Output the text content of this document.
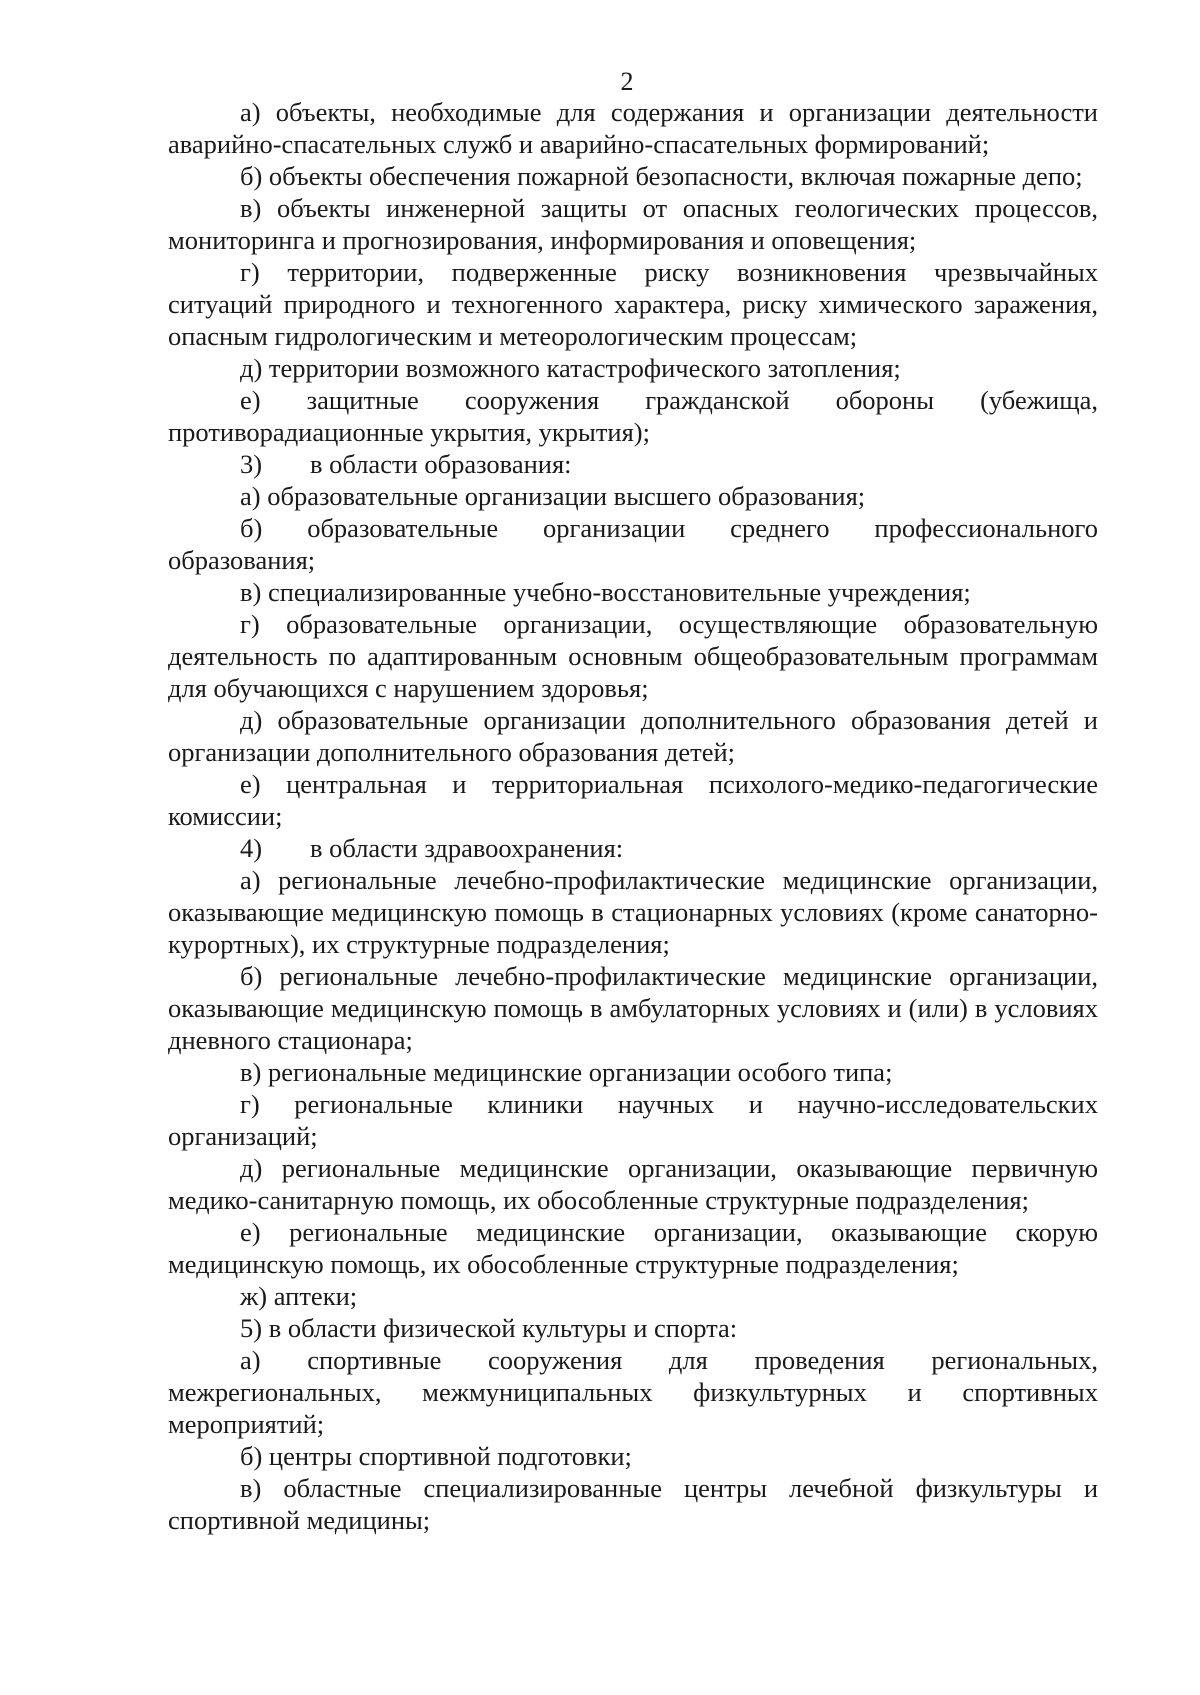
2

а) объекты, необходимые для содержания и организации деятельности аварийно-спасательных служб и аварийно-спасательных формирований;

б) объекты обеспечения пожарной безопасности, включая пожарные депо;

в) объекты инженерной защиты от опасных геологических процессов, мониторинга и прогнозирования, информирования и оповещения;

г) территории, подверженные риску возникновения чрезвычайных ситуаций природного и техногенного характера, риску химического заражения, опасным гидрологическим и метеорологическим процессам;

д) территории возможного катастрофического затопления;

е) защитные сооружения гражданской обороны (убежища, противорадиационные укрытия, укрытия);

3) в области образования:

а) образовательные организации высшего образования;

б) образовательные организации среднего профессионального образования;

в) специализированные учебно-восстановительные учреждения;

г) образовательные организации, осуществляющие образовательную деятельность по адаптированным основным общеобразовательным программам для обучающихся с нарушением здоровья;

д) образовательные организации дополнительного образования детей и организации дополнительного образования детей;

е) центральная и территориальная психолого-медико-педагогические комиссии;

4) в области здравоохранения:

а) региональные лечебно-профилактические медицинские организации, оказывающие медицинскую помощь в стационарных условиях (кроме санаторно-курортных), их структурные подразделения;

б) региональные лечебно-профилактические медицинские организации, оказывающие медицинскую помощь в амбулаторных условиях и (или) в условиях дневного стационара;

в) региональные медицинские организации особого типа;

г) региональные клиники научных и научно-исследовательских организаций;

д) региональные медицинские организации, оказывающие первичную медико-санитарную помощь, их обособленные структурные подразделения;

е) региональные медицинские организации, оказывающие скорую медицинскую помощь, их обособленные структурные подразделения;

ж) аптеки;

5) в области физической культуры и спорта:

а) спортивные сооружения для проведения региональных, межрегиональных, межмуниципальных физкультурных и спортивных мероприятий;

б) центры спортивной подготовки;

в) областные специализированные центры лечебной физкультуры и спортивной медицины;
